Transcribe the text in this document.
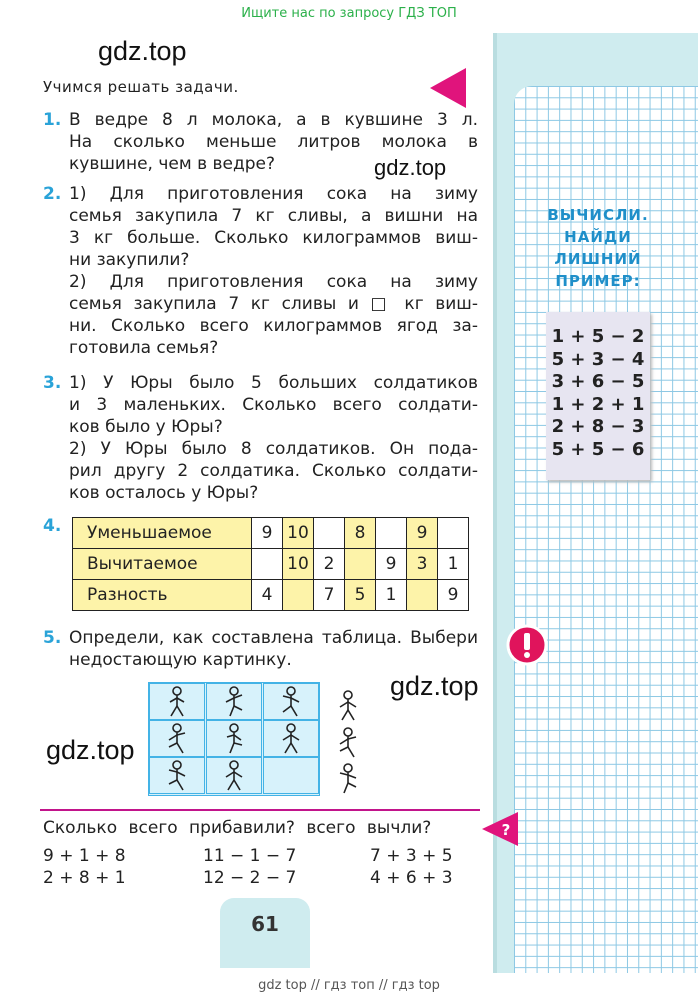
Ищите нас по запросу ГДЗ ТОП
gdz.top
gdz.top
gdz.top
gdz.top
Учимся решать задачи.
1. В ведре 8 л молока, а в кувшине 3 л.
На сколько меньше литров молока в
кувшине, чем в ведре?
2. 1) Для приготовления сока на зиму
семья закупила 7 кг сливы, а вишни на
3 кг больше. Сколько килограммов виш-
ни закупили?
2) Для приготовления сока на зиму
семья закупила 7 кг сливы и □ кг виш-
ни. Сколько всего килограммов ягод за-
готовила семья?
3. 1) У Юры было 5 больших солдатиков
и 3 маленьких. Сколько всего солдати-
ков было у Юры?
2) У Юры было 8 солдатиков. Он пода-
рил другу 2 солдатика. Сколько солдати-
ков осталось у Юры?
4.	Уменьшаемое	9	10		8		9	
Вычитаемое		10	2		9	3	1
Разность	4		7	5	1		9
5. Определи, как составлена таблица. Выбери
недостающую картинку.
ВЫЧИСЛИ.
НАЙДИ
ЛИШНИЙ
ПРИМЕР:
1 + 5 − 2
5 + 3 − 4
3 + 6 − 5
1 + 2 + 1
2 + 8 − 3
5 + 5 − 6
?
Сколько всего прибавили? всего вычли?
9 + 1 + 8
2 + 8 + 1
11 − 1 − 7
12 − 2 − 7
7 + 3 + 5
4 + 6 + 3
61
gdz top // гдз топ // гдз top
